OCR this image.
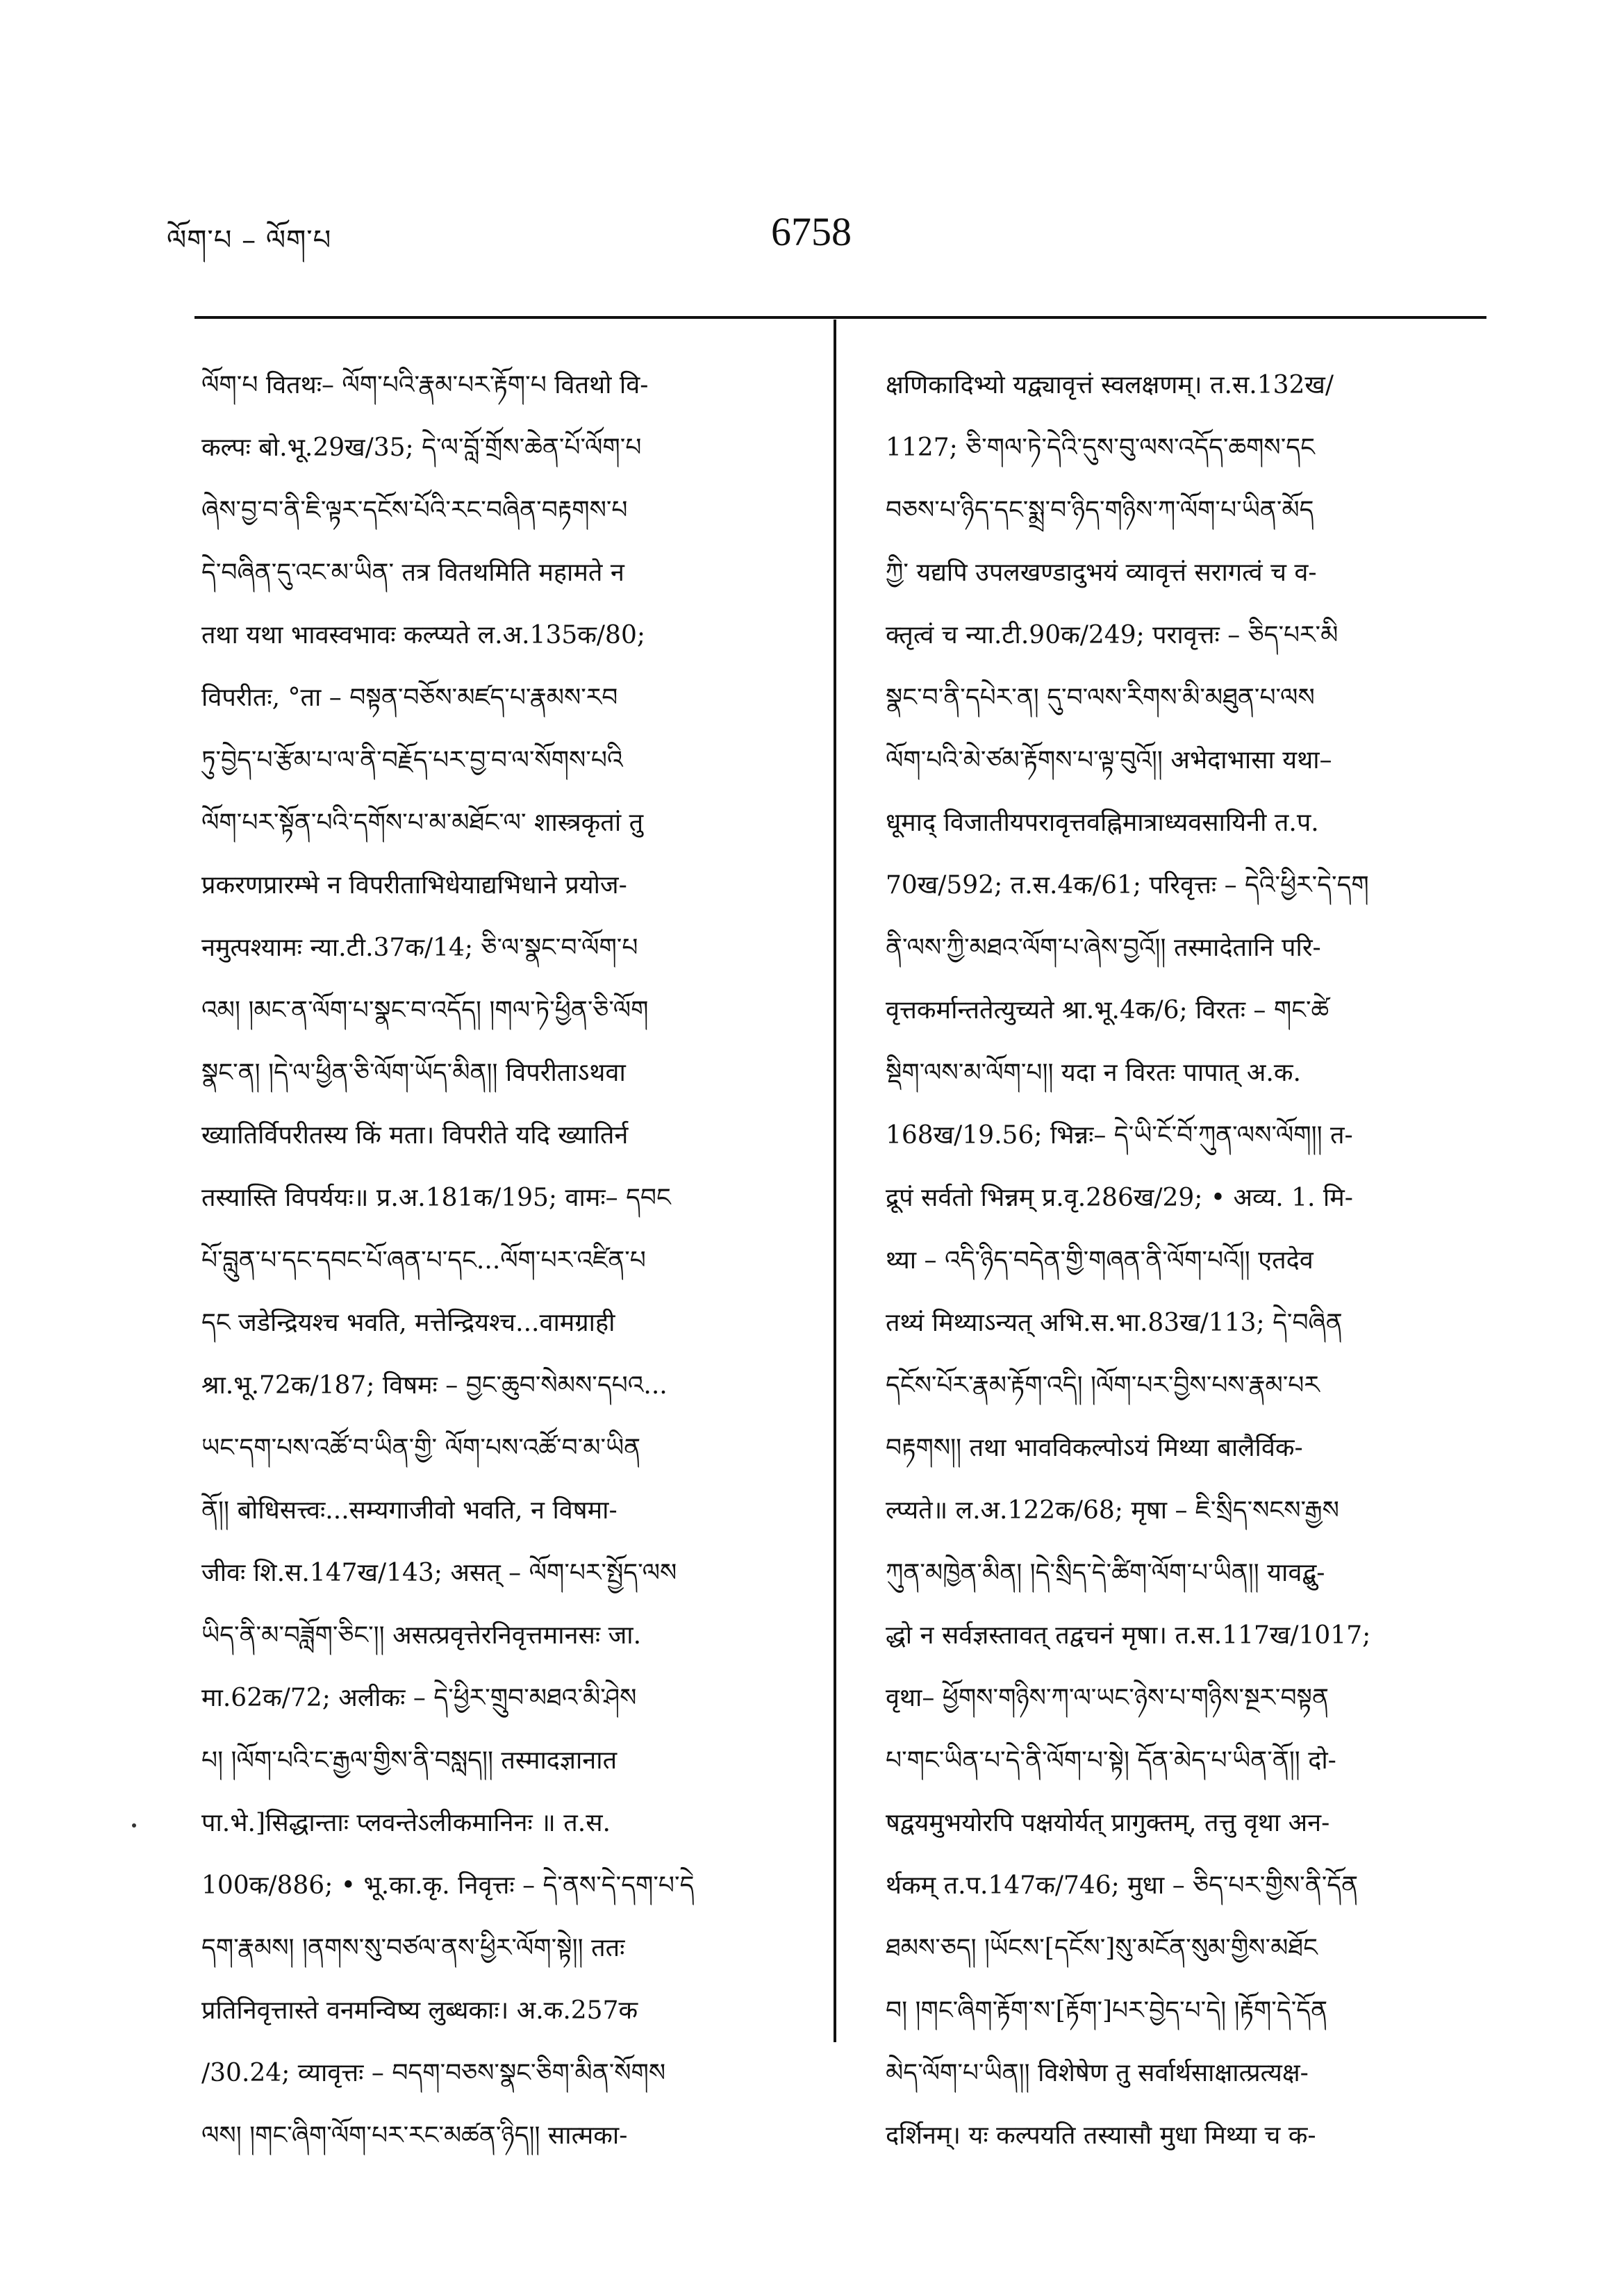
ལོག་པ – ལོག་པ	6758
ལོག་པ वितथः– ལོག་པའི་རྣམ་པར་རྟོག་པ वितथो वि-
कल्पः बो.भू.29ख/35; དེ་ལ་བློ་གྲོས་ཆེན་པོ་ལོག་པ
ཞེས་བྱ་བ་ནི་ཇི་ལྟར་དངོས་པོའི་རང་བཞིན་བརྟགས་པ
དེ་བཞིན་དུ་འང་མ་ཡིན་ तत्र वितथमिति महामते न
तथा यथा भावस्वभावः कल्प्यते ल.अ.135क/80;
विपरीतः, °ता – བསྟན་བཅོས་མཛད་པ་རྣམས་རབ
ཏུ་བྱེད་པ་རྩོམ་པ་ལ་ནི་བརྗོད་པར་བྱ་བ་ལ་སོགས་པའི
ལོག་པར་སྟོན་པའི་དགོས་པ་མ་མཐོང་ལ་ शास्त्रकृतां तु
प्रकरणप्रारम्भे न विपरीताभिधेयाद्यभिधाने प्रयोज-
नमुत्पश्यामः न्या.टी.37क/14; ཅི་ལ་སྣང་བ་ལོག་པ
འམ། །མང་ན་ལོག་པ་སྣང་བ་འདོད། །གལ་ཏེ་ཕྱིན་ཅི་ལོག
སྣང་ན། །དེ་ལ་ཕྱིན་ཅི་ལོག་ཡོད་མིན།། विपरीताऽथवा
ख्यातिर्विपरीतस्य किं मता। विपरीते यदि ख्यातिर्न
तस्यास्ति विपर्ययः॥ प्र.अ.181क/195; वामः– དབང
པོ་བླུན་པ་དང་དབང་པོ་ཞན་པ་དང...ལོག་པར་འཛིན་པ
དང जडेन्द्रियश्च भवति, मत्तेन्द्रियश्च...वामग्राही
श्रा.भू.72क/187; विषमः – བྱང་ཆུབ་སེམས་དཔའ...
ཡང་དག་པས་འཚོ་བ་ཡིན་གྱི་ ལོག་པས་འཚོ་བ་མ་ཡིན
ནོ།། बोधिसत्त्वः...सम्यगाजीवो भवति, न विषमा-
जीवः शि.स.147ख/143; असत् – ལོག་པར་སྤྱོད་ལས
ཡིད་ནི་མ་བཟློག་ཅིང་།། असत्प्रवृत्तेरनिवृत्तमानसः जा.
मा.62क/72; अलीकः – དེ་ཕྱིར་གྲུབ་མཐའ་མི་ཤེས
པ། །ལོག་པའི་ང་རྒྱལ་གྱིས་ནི་བསླད།། तस्मादज्ञानात
पा.भे.]सिद्धान्ताः प्लवन्तेऽलीकमानिनः ॥ त.स.
100क/886; • भू.का.कृ. निवृत्तः – དེ་ནས་དེ་དག་པ་དེ
དག་རྣམས། །ནགས་སུ་བཙལ་ནས་ཕྱིར་ལོག་སྟེ།། ततः
प्रतिनिवृत्तास्ते वनमन्विष्य लुब्धकाः। अ.क.257क
/30.24; व्यावृत्तः – བདག་བཅས་སྣང་ཅིག་མིན་སོགས
ལས། །གང་ཞིག་ལོག་པར་རང་མཚན་ཉིད།། सात्मका-
क्षणिकादिभ्यो यद्व्यावृत्तं स्वलक्षणम्। त.स.132ख/
1127; ཅི་གལ་ཏེ་དེའི་དུས་བུ་ལས་འདོད་ཆགས་དང
བཅས་པ་ཉིད་དང་སྨྲ་བ་ཉིད་གཉིས་ཀ་ལོག་པ་ཡིན་མོད
ཀྱི་ यद्यपि उपलखण्डादुभयं व्यावृत्तं सरागत्वं च व-
क्तृत्वं च न्या.टी.90क/249; परावृत्तः – ཅིད་པར་མི
སྣང་བ་ནི་དཔེར་ན། དུ་བ་ལས་རིགས་མི་མཐུན་པ་ལས
ལོག་པའི་མེ་ཙམ་རྟོགས་པ་ལྟ་བུའོ།། अभेदाभासा यथा–
धूमाद् विजातीयपरावृत्तवह्निमात्राध्यवसायिनी त.प.
70ख/592; त.स.4क/61; परिवृत्तः – དེའི་ཕྱིར་དེ་དག
ནི་ལས་ཀྱི་མཐའ་ལོག་པ་ཞེས་བྱའོ།། तस्मादेतानि परि-
वृत्तकर्मान्ततेत्युच्यते श्रा.भू.4क/6; विरतः – གང་ཚེ
སྡིག་ལས་མ་ལོག་པ།། यदा न विरतः पापात् अ.क.
168ख/19.56; भिन्नः– དེ་ཡི་ངོ་བོ་ཀུན་ལས་ལོག།། त-
द्रूपं सर्वतो भिन्नम् प्र.वृ.286ख/29; • अव्य. 1. मि-
थ्या – འདི་ཉིད་བདེན་གྱི་གཞན་ནི་ལོག་པའོ།། एतदेव
तथ्यं मिथ्याऽन्यत् अभि.स.भा.83ख/113; དེ་བཞིན
དངོས་པོར་རྣམ་རྟོག་འདི། །ལོག་པར་བྱིས་པས་རྣམ་པར
བརྟགས།། तथा भावविकल्पोऽयं मिथ्या बालैर्विक-
ल्प्यते॥ ल.अ.122क/68; मृषा – ཇི་སྲིད་སངས་རྒྱས
ཀུན་མཁྱེན་མིན། །དེ་སྲིད་དེ་ཚིག་ལོག་པ་ཡིན།། यावद्बु-
द्धो न सर्वज्ञस्तावत् तद्वचनं मृषा। त.स.117ख/1017;
वृथा– ཕྱོགས་གཉིས་ཀ་ལ་ཡང་ཉེས་པ་གཉིས་སྔར་བསྟན
པ་གང་ཡིན་པ་དེ་ནི་ལོག་པ་སྟེ། དོན་མེད་པ་ཡིན་ནོ།། दो-
षद्वयमुभयोरपि पक्षयोर्यत् प्रागुक्तम्, तत्तु वृथा अन-
र्थकम् त.प.147क/746; मुधा – ཅིད་པར་གྱིས་ནི་དོན
ཐམས་ཅད། །ཡོངས་[དངོས་]སུ་མངོན་སུམ་གྱིས་མཐོང
བ། །གང་ཞིག་རྟོག་ས་[རྟོག་]པར་བྱེད་པ་དེ། །རྟོག་དེ་དོན
མེད་ལོག་པ་ཡིན།། विशेषेण तु सर्वार्थसाक्षात्प्रत्यक्ष-
दर्शिनम्। यः कल्पयति तस्यासौ मुधा मिथ्या च क-
